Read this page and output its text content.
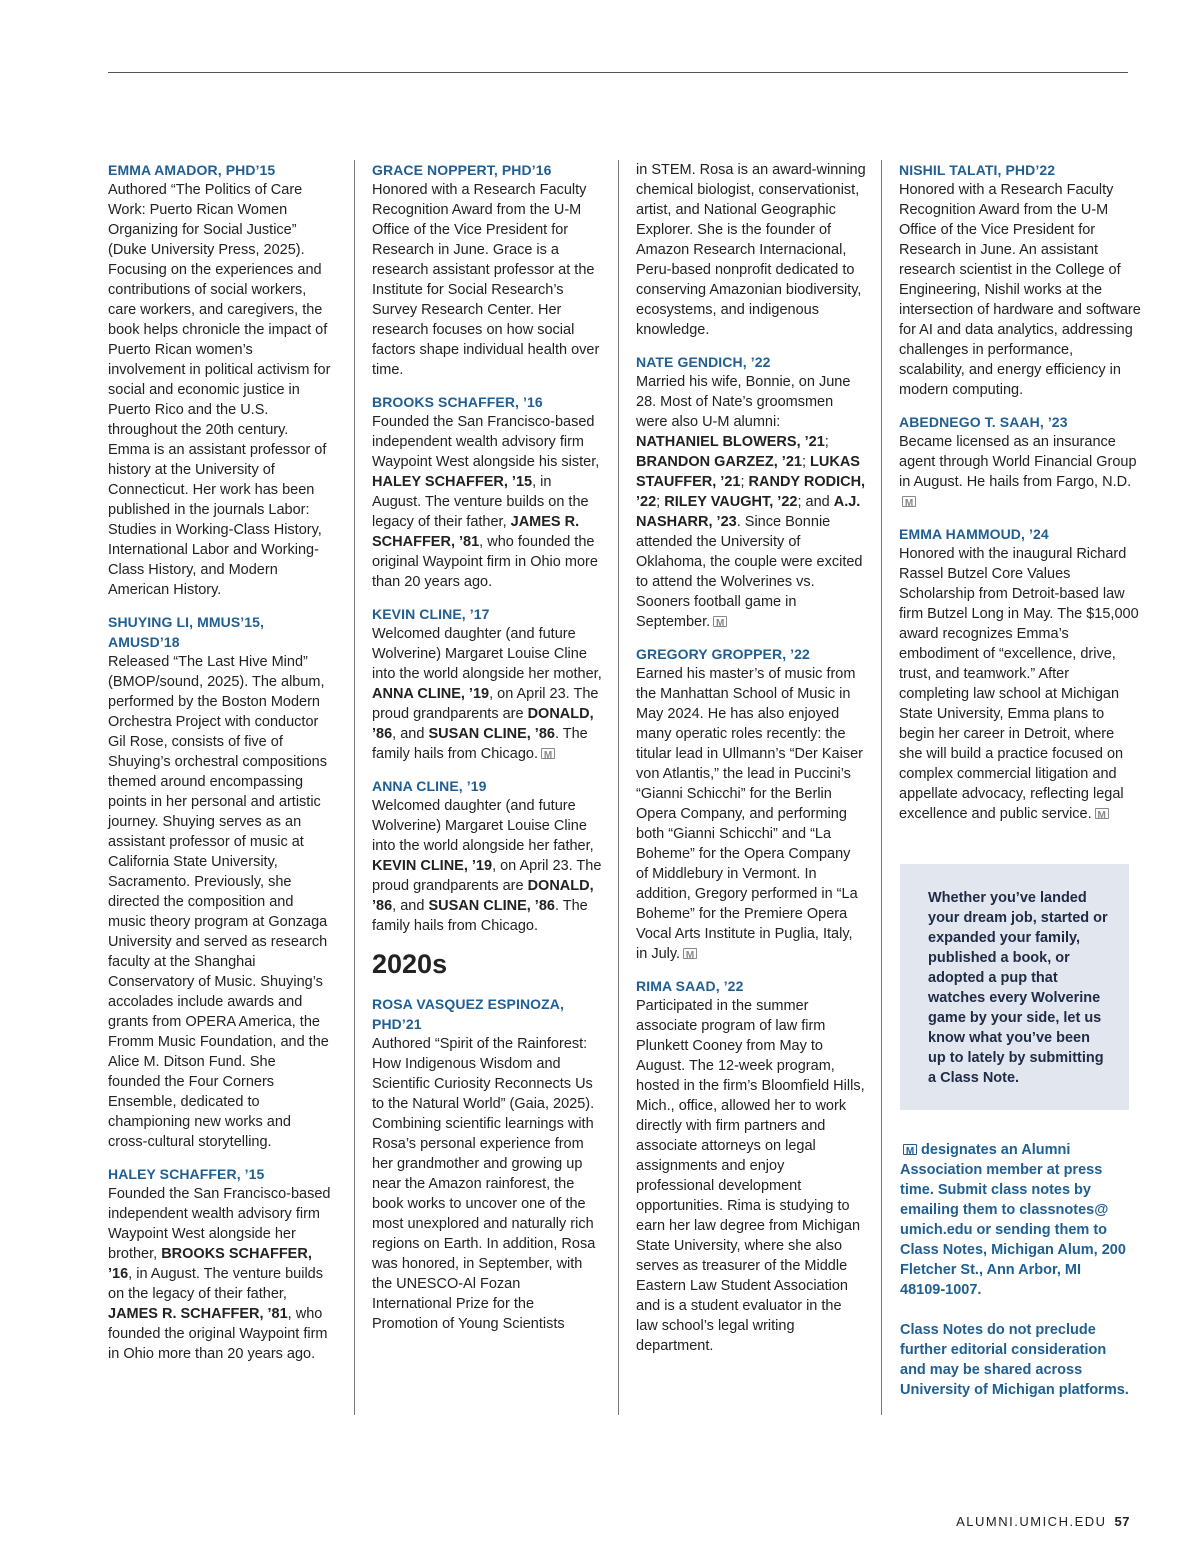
EMMA AMADOR, PHD’15
Authored “The Politics of Care Work: Puerto Rican Women Organizing for Social Justice” (Duke University Press, 2025). Focusing on the experiences and contributions of social workers, care workers, and caregivers, the book helps chronicle the impact of Puerto Rican women’s involvement in political activism for social and economic justice in Puerto Rico and the U.S. throughout the 20th century. Emma is an assistant professor of history at the University of Connecticut. Her work has been published in the journals Labor: Studies in Working-Class History, International Labor and Working-Class History, and Modern American History.
SHUYING LI, MMUS’15, AMUSD’18
Released “The Last Hive Mind” (BMOP/sound, 2025). The album, performed by the Boston Modern Orchestra Project with conductor Gil Rose, consists of five of Shuying’s orchestral compositions themed around encompassing points in her personal and artistic journey. Shuying serves as an assistant professor of music at California State University, Sacramento. Previously, she directed the composition and music theory program at Gonzaga University and served as research faculty at the Shanghai Conservatory of Music. Shuying’s accolades include awards and grants from OPERA America, the Fromm Music Foundation, and the Alice M. Ditson Fund. She founded the Four Corners Ensemble, dedicated to championing new works and cross-cultural storytelling.
HALEY SCHAFFER, ’15
Founded the San Francisco-based independent wealth advisory firm Waypoint West alongside her brother, BROOKS SCHAFFER, ’16, in August. The venture builds on the legacy of their father, JAMES R. SCHAFFER, ’81, who founded the original Waypoint firm in Ohio more than 20 years ago.
GRACE NOPPERT, PHD’16
Honored with a Research Faculty Recognition Award from the U-M Office of the Vice President for Research in June. Grace is a research assistant professor at the Institute for Social Research’s Survey Research Center. Her research focuses on how social factors shape individual health over time.
BROOKS SCHAFFER, ’16
Founded the San Francisco-based independent wealth advisory firm Waypoint West alongside his sister, HALEY SCHAFFER, ’15, in August. The venture builds on the legacy of their father, JAMES R. SCHAFFER, ’81, who founded the original Waypoint firm in Ohio more than 20 years ago.
KEVIN CLINE, ’17
Welcomed daughter (and future Wolverine) Margaret Louise Cline into the world alongside her mother, ANNA CLINE, ’19, on April 23. The proud grandparents are DONALD, ’86, and SUSAN CLINE, ’86. The family hails from Chicago.M
ANNA CLINE, ’19
Welcomed daughter (and future Wolverine) Margaret Louise Cline into the world alongside her father, KEVIN CLINE, ’19, on April 23. The proud grandparents are DONALD, ’86, and SUSAN CLINE, ’86. The family hails from Chicago.
2020s
ROSA VASQUEZ ESPINOZA, PHD’21
Authored “Spirit of the Rainforest: How Indigenous Wisdom and Scientific Curiosity Reconnects Us to the Natural World” (Gaia, 2025). Combining scientific learnings with Rosa’s personal experience from her grandmother and growing up near the Amazon rainforest, the book works to uncover one of the most unexplored and naturally rich regions on Earth. In addition, Rosa was honored, in September, with the UNESCO-Al Fozan International Prize for the Promotion of Young Scientists
in STEM. Rosa is an award-winning chemical biologist, conservationist, artist, and National Geographic Explorer. She is the founder of Amazon Research Internacional, Peru-based nonprofit dedicated to conserving Amazonian biodiversity, ecosystems, and indigenous knowledge.
NATE GENDICH, ’22
Married his wife, Bonnie, on June 28. Most of Nate’s groomsmen were also U-M alumni: NATHANIEL BLOWERS, ’21; BRANDON GARZEZ, ’21; LUKAS STAUFFER, ’21; RANDY RODICH, ’22; RILEY VAUGHT, ’22; and A.J. NASHARR, ’23. Since Bonnie attended the University of Oklahoma, the couple were excited to attend the Wolverines vs. Sooners football game in September.M
GREGORY GROPPER, ’22
Earned his master’s of music from the Manhattan School of Music in May 2024. He has also enjoyed many operatic roles recently: the titular lead in Ullmann’s “Der Kaiser von Atlantis,” the lead in Puccini’s “Gianni Schicchi” for the Berlin Opera Company, and performing both “Gianni Schicchi” and “La Boheme” for the Opera Company of Middlebury in Vermont. In addition, Gregory performed in “La Boheme” for the Premiere Opera Vocal Arts Institute in Puglia, Italy, in July.M
RIMA SAAD, ’22
Participated in the summer associate program of law firm Plunkett Cooney from May to August. The 12-week program, hosted in the firm’s Bloomfield Hills, Mich., office, allowed her to work directly with firm partners and associate attorneys on legal assignments and enjoy professional development opportunities. Rima is studying to earn her law degree from Michigan State University, where she also serves as treasurer of the Middle Eastern Law Student Association and is a student evaluator in the law school’s legal writing department.
NISHIL TALATI, PHD’22
Honored with a Research Faculty Recognition Award from the U-M Office of the Vice President for Research in June. An assistant research scientist in the College of Engineering, Nishil works at the intersection of hardware and software for AI and data analytics, addressing challenges in performance, scalability, and energy efficiency in modern computing.
ABEDNEGO T. SAAH, ’23
Became licensed as an insurance agent through World Financial Group in August. He hails from Fargo, N.D.M
EMMA HAMMOUD, ’24
Honored with the inaugural Richard Rassel Butzel Core Values Scholarship from Detroit-based law firm Butzel Long in May. The $15,000 award recognizes Emma’s embodiment of “excellence, drive, trust, and teamwork.” After completing law school at Michigan State University, Emma plans to begin her career in Detroit, where she will build a practice focused on complex commercial litigation and appellate advocacy, reflecting legal excellence and public service.M
Whether you’ve landed your dream job, started or expanded your family, published a book, or adopted a pup that watches every Wolverine game by your side, let us know what you’ve been up to lately by submitting a Class Note.

M designates an Alumni Association member at press time. Submit class notes by emailing them to classnotes@ umich.edu or sending them to Class Notes, Michigan Alum, 200 Fletcher St., Ann Arbor, MI 48109-1007.

Class Notes do not preclude further editorial consideration and may be shared across University of Michigan platforms.

ALUMNI.UMICH.EDU 57
